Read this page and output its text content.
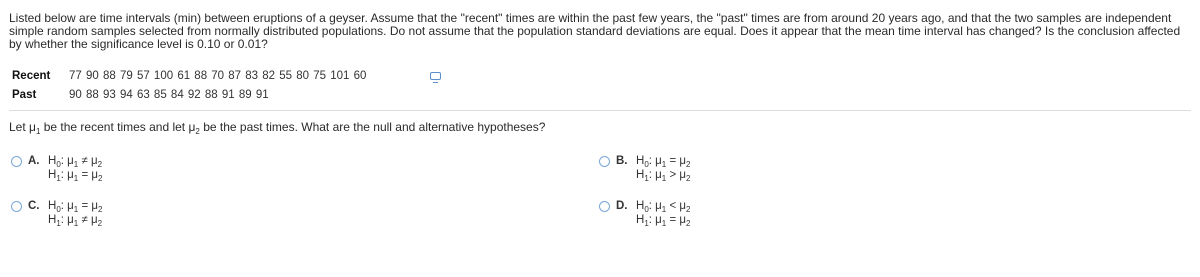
Listed below are time intervals (min) between eruptions of a geyser. Assume that the "recent" times are within the past few years, the "past" times are from around 20 years ago, and that the two samples are independent simple random samples selected from normally distributed populations. Do not assume that the population standard deviations are equal. Does it appear that the mean time interval has changed? Is the conclusion affected by whether the significance level is 0.10 or 0.01?
Recent 77 90 88 79 57 100 61 88 70 87 83 82 55 80 75 101 60
Past	90 88 93 94 63 85 84 92 88 91 89 91
Let $\mu_1$ be the recent times and let $\mu_2$ be the past times. What are the null and alternative hypotheses?
A. $H_0$: $\mu_1 \ne \mu_2$
$H_1$: $\mu_1 = \mu_2$
B. $H_0$: $\mu_1 = \mu_2$
$H_1$: $\mu_1 > \mu_2$
C. $H_0$: $\mu_1 = \mu_2$
$H_1$: $\mu_1 \ne \mu_2$
D. $H_0$: $\mu_1 < \mu_2$
$H_1$: $\mu_1 = \mu_2$
